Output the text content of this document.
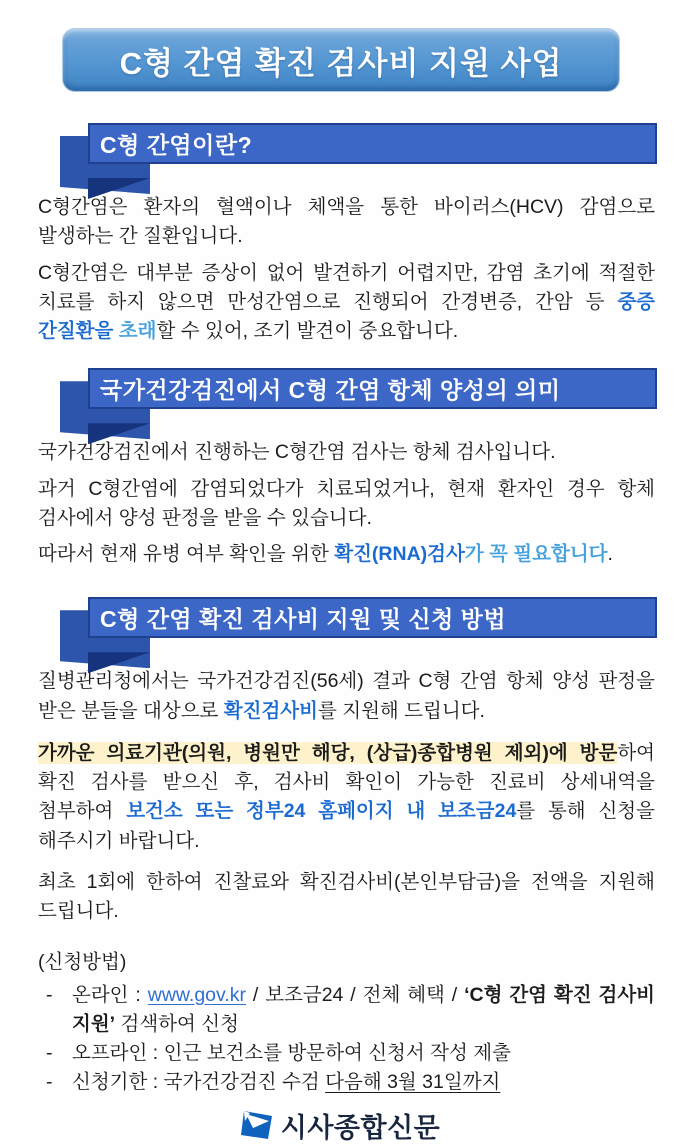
C형 간염 확진 검사비 지원 사업
C형 간염이란?

C형간염은 환자의 혈액이나 체액을 통한 바이러스(HCV) 감염으로 발생하는 간 질환입니다.

C형간염은 대부분 증상이 없어 발견하기 어렵지만, 감염 초기에 적절한 치료를 하지 않으면 만성간염으로 진행되어 간경변증, 간암 등 중증 간질환을 초래할 수 있어, 조기 발견이 중요합니다.

국가건강검진에서 C형 간염 항체 양성의 의미

국가건강검진에서 진행하는 C형간염 검사는 항체 검사입니다.

과거 C형간염에 감염되었다가 치료되었거나, 현재 환자인 경우 항체 검사에서 양성 판정을 받을 수 있습니다.

따라서 현재 유병 여부 확인을 위한 확진(RNA)검사가 꼭 필요합니다.

C형 간염 확진 검사비 지원 및 신청 방법

질병관리청에서는 국가건강검진(56세) 결과 C형 간염 항체 양성 판정을 받은 분들을 대상으로 확진검사비를 지원해 드립니다.

가까운 의료기관(의원, 병원만 해당, (상급)종합병원 제외)에 방문하여 확진 검사를 받으신 후, 검사비 확인이 가능한 진료비 상세내역을 첨부하여 보건소 또는 정부24 홈페이지 내 보조금24를 통해 신청을 해주시기 바랍니다.

최초 1회에 한하여 진찰료와 확진검사비(본인부담금)을 전액을 지원해 드립니다.

(신청방법)
-	온라인 : www.gov.kr / 보조금24 / 전체 혜택 / ‘C형 간염 확진 검사비 지원’ 검색하여 신청
-	오프라인 : 인근 보건소를 방문하여 신청서 작성 제출
-	신청기한 : 국가건강검진 수검 다음해 3월 31일까지
시사종합신문
